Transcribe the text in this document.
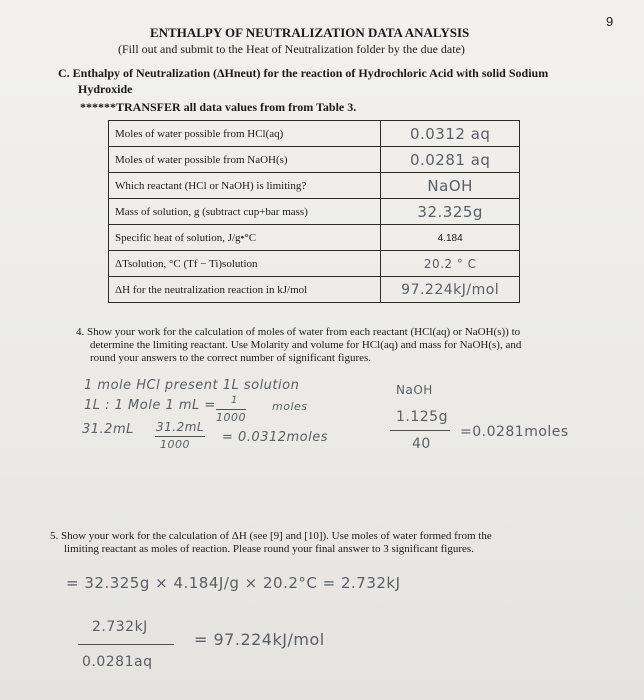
9
ENTHALPY OF NEUTRALIZATION DATA ANALYSIS
(Fill out and submit to the Heat of Neutralization folder by the due date)
C. Enthalpy of Neutralization (ΔHneut) for the reaction of Hydrochloric Acid with solid Sodium
Hydroxide
******TRANSFER all data values from from Table 3.
Moles of water possible from HCl(aq)	0.0312 aq
Moles of water possible from NaOH(s)	0.0281 aq
Which reactant (HCl or NaOH) is limiting?	NaOH
Mass of solution, g (subtract cup+bar mass)	32.325g
Specific heat of solution, J/g•°C	4.184
ΔTsolution, °C (Tf − Ti)solution	20.2 ° C
ΔH for the neutralization reaction in kJ/mol	97.224kJ/mol
4. Show your work for the calculation of moles of water from each reactant (HCl(aq) or NaOH(s)) to
determine the limiting reactant. Use Molarity and volume for HCl(aq) and mass for NaOH(s), and
round your answers to the correct number of significant figures.
1 mole HCl present 1L solution
1L : 1 Mole 1 mL = 1
1000
moles
31.2mL 31.2mL
1000 = 0.0312moles
NaOH
1.125g
40
=0.0281moles
5. Show your work for the calculation of ΔH (see [9] and [10]). Use moles of water formed from the
limiting reactant as moles of reaction. Please round your final answer to 3 significant figures.
= 32.325g × 4.184J/g × 20.2°C = 2.732kJ
2.732kJ
0.0281aq
= 97.224kJ/mol
